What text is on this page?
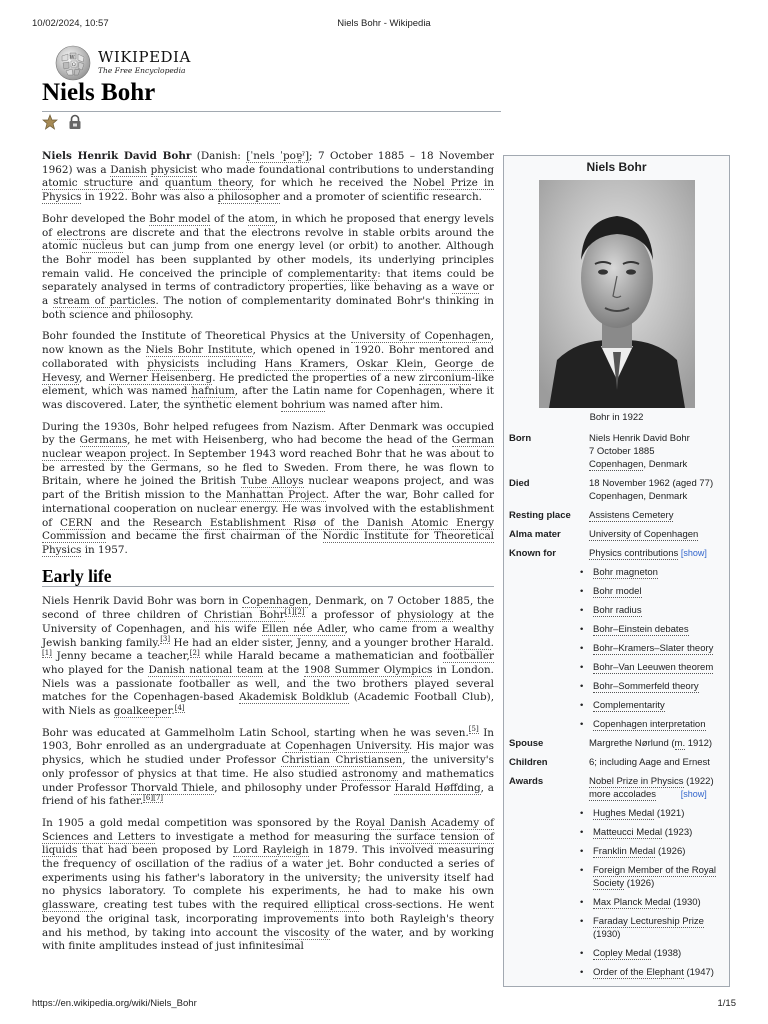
10/02/2024, 10:57	Niels Bohr - Wikipedia
W
Ω WIKIPEDIA
The Free Encyclopedia
Niels Bohr

Niels Henrik David Bohr (Danish: [ˈnels ˈpoɐ̯ˀ]; 7 October 1885 – 18 November 1962) was a Danish physicist who made foundational contributions to understanding atomic structure and quantum theory, for which he received the Nobel Prize in Physics in 1922. Bohr was also a philosopher and a promoter of scientific research.

Bohr developed the Bohr model of the atom, in which he proposed that energy levels of electrons are discrete and that the electrons revolve in stable orbits around the atomic nucleus but can jump from one energy level (or orbit) to another. Although the Bohr model has been supplanted by other models, its underlying principles remain valid. He conceived the principle of complementarity: that items could be separately analysed in terms of contradictory properties, like behaving as a wave or a stream of particles. The notion of complementarity dominated Bohr's thinking in both science and philosophy.

Bohr founded the Institute of Theoretical Physics at the University of Copenhagen, now known as the Niels Bohr Institute, which opened in 1920. Bohr mentored and collaborated with physicists including Hans Kramers, Oskar Klein, George de Hevesy, and Werner Heisenberg. He predicted the properties of a new zirconium-like element, which was named hafnium, after the Latin name for Copenhagen, where it was discovered. Later, the synthetic element bohrium was named after him.

During the 1930s, Bohr helped refugees from Nazism. After Denmark was occupied by the Germans, he met with Heisenberg, who had become the head of the German nuclear weapon project. In September 1943 word reached Bohr that he was about to be arrested by the Germans, so he fled to Sweden. From there, he was flown to Britain, where he joined the British Tube Alloys nuclear weapons project, and was part of the British mission to the Manhattan Project. After the war, Bohr called for international cooperation on nuclear energy. He was involved with the establishment of CERN and the Research Establishment Risø of the Danish Atomic Energy Commission and became the first chairman of the Nordic Institute for Theoretical Physics in 1957.

Early life

Niels Henrik David Bohr was born in Copenhagen, Denmark, on 7 October 1885, the second of three children of Christian Bohr[1][2] a professor of physiology at the University of Copenhagen, and his wife Ellen née Adler, who came from a wealthy Jewish banking family.[3] He had an elder sister, Jenny, and a younger brother Harald.[1] Jenny became a teacher,[2] while Harald became a mathematician and footballer who played for the Danish national team at the 1908 Summer Olympics in London. Niels was a passionate footballer as well, and the two brothers played several matches for the Copenhagen-based Akademisk Boldklub (Academic Football Club), with Niels as goalkeeper.[4]

Bohr was educated at Gammelholm Latin School, starting when he was seven.[5] In 1903, Bohr enrolled as an undergraduate at Copenhagen University. His major was physics, which he studied under Professor Christian Christiansen, the university's only professor of physics at that time. He also studied astronomy and mathematics under Professor Thorvald Thiele, and philosophy under Professor Harald Høffding, a friend of his father.[6][7]

In 1905 a gold medal competition was sponsored by the Royal Danish Academy of Sciences and Letters to investigate a method for measuring the surface tension of liquids that had been proposed by Lord Rayleigh in 1879. This involved measuring the frequency of oscillation of the radius of a water jet. Bohr conducted a series of experiments using his father's laboratory in the university; the university itself had no physics laboratory. To complete his experiments, he had to make his own glassware, creating test tubes with the required elliptical cross-sections. He went beyond the original task, incorporating improvements into both Rayleigh's theory and his method, by taking into account the viscosity of the water, and by working with finite amplitudes instead of just infinitesimal

Niels Bohr
Bohr in 1922
Born	Niels Henrik David Bohr
7 October 1885
Copenhagen, Denmark
Died	18 November 1962 (aged 77)
Copenhagen, Denmark
Resting place	Assistens Cemetery
Alma mater	University of Copenhagen
Known for	Physics contributions [show]
• Bohr magneton
• Bohr model
• Bohr radius
• Bohr–Einstein debates
• Bohr–Kramers–Slater theory
• Bohr–Van Leeuwen theorem
• Bohr–Sommerfeld theory
• Complementarity
• Copenhagen interpretation
Spouse	Margrethe Nørlund (m. 1912)
Children	6; including Aage and Ernest
Awards	Nobel Prize in Physics (1922)
more accolades	[show]
• Hughes Medal (1921)
• Matteucci Medal (1923)
• Franklin Medal (1926)
• Foreign Member of the Royal Society (1926)
• Max Planck Medal (1930)
• Faraday Lectureship Prize (1930)
• Copley Medal (1938)
• Order of the Elephant (1947)
https://en.wikipedia.org/wiki/Niels_Bohr	1/15
